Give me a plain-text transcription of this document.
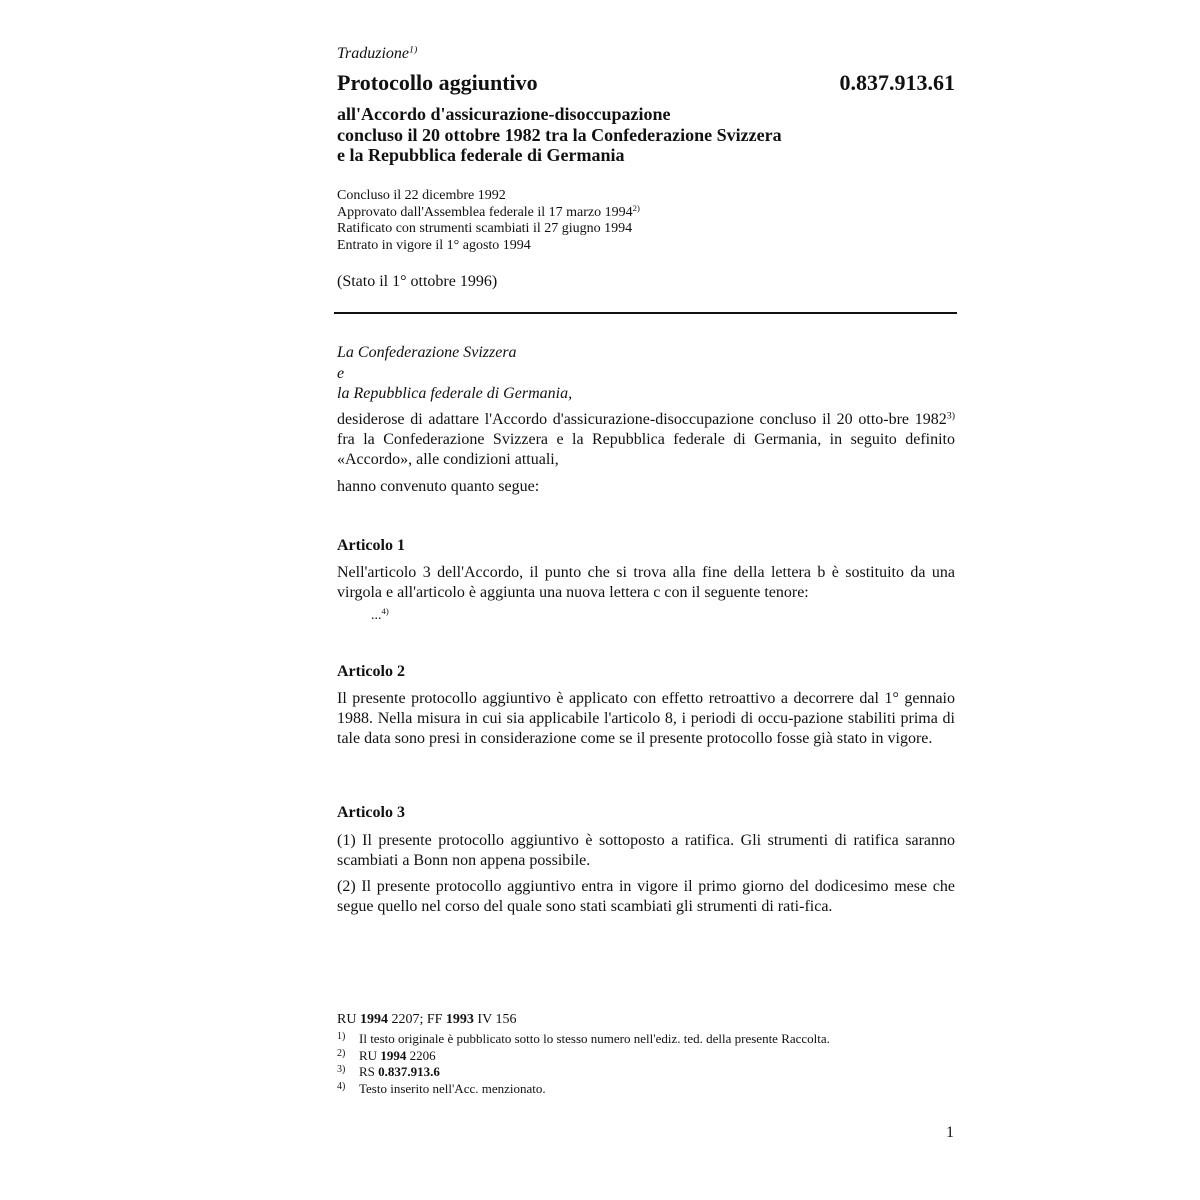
Traduzione$^{1)}$
Protocollo aggiuntivo	0.837.913.61
all'Accordo d'assicurazione-disoccupazione
concluso il 20 ottobre 1982 tra la Confederazione Svizzera
e la Repubblica federale di Germania
Concluso il 22 dicembre 1992
Approvato dall'Assemblea federale il 17 marzo 1994$^{2)}$
Ratificato con strumenti scambiati il 27 giugno 1994
Entrato in vigore il 1° agosto 1994
(Stato il 1° ottobre 1996)
La Confederazione Svizzera
e
la Repubblica federale di Germania,
desiderose di adattare l'Accordo d'assicurazione-disoccupazione concluso il 20 otto-bre 1982$^{3)}$ fra la Confederazione Svizzera e la Repubblica federale di Germania, in seguito definito «Accordo», alle condizioni attuali,
hanno convenuto quanto segue:
Articolo 1
Nell'articolo 3 dell'Accordo, il punto che si trova alla fine della lettera b è sostituito da una virgola e all'articolo è aggiunta una nuova lettera c con il seguente tenore:
...$^{4)}$
Articolo 2
Il presente protocollo aggiuntivo è applicato con effetto retroattivo a decorrere dal 1° gennaio 1988. Nella misura in cui sia applicabile l'articolo 8, i periodi di occu-pazione stabiliti prima di tale data sono presi in considerazione come se il presente protocollo fosse già stato in vigore.
Articolo 3
(1) Il presente protocollo aggiuntivo è sottoposto a ratifica. Gli strumenti di ratifica saranno scambiati a Bonn non appena possibile.
(2) Il presente protocollo aggiuntivo entra in vigore il primo giorno del dodicesimo mese che segue quello nel corso del quale sono stati scambiati gli strumenti di rati-fica.
RU 1994 2207; FF 1993 IV 156
1)	Il testo originale è pubblicato sotto lo stesso numero nell'ediz. ted. della presente Raccolta.
2)	RU 1994 2206
3)	RS 0.837.913.6
4)	Testo inserito nell'Acc. menzionato.
1
